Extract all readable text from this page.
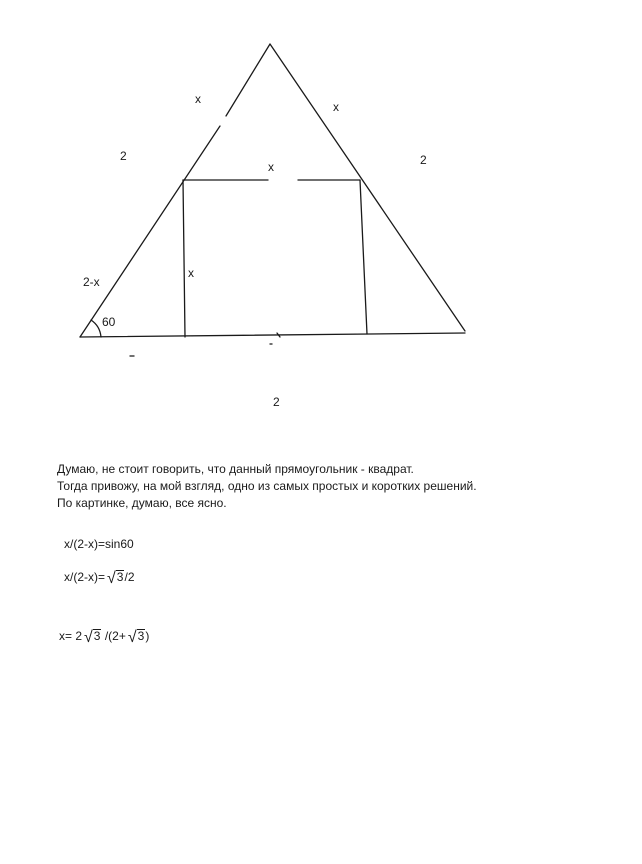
x
x
2	2
x
x
2-x
60
2
Думаю, не стоит говорить, что данный прямоугольник - квадрат.
Тогда привожу, на мой взгляд, одно из самых простых и коротких решений.
По картинке, думаю, все ясно.
x/(2-x)=sin60
x/(2-x)= √3/2
x= 2 √3 /(2+ √3)
